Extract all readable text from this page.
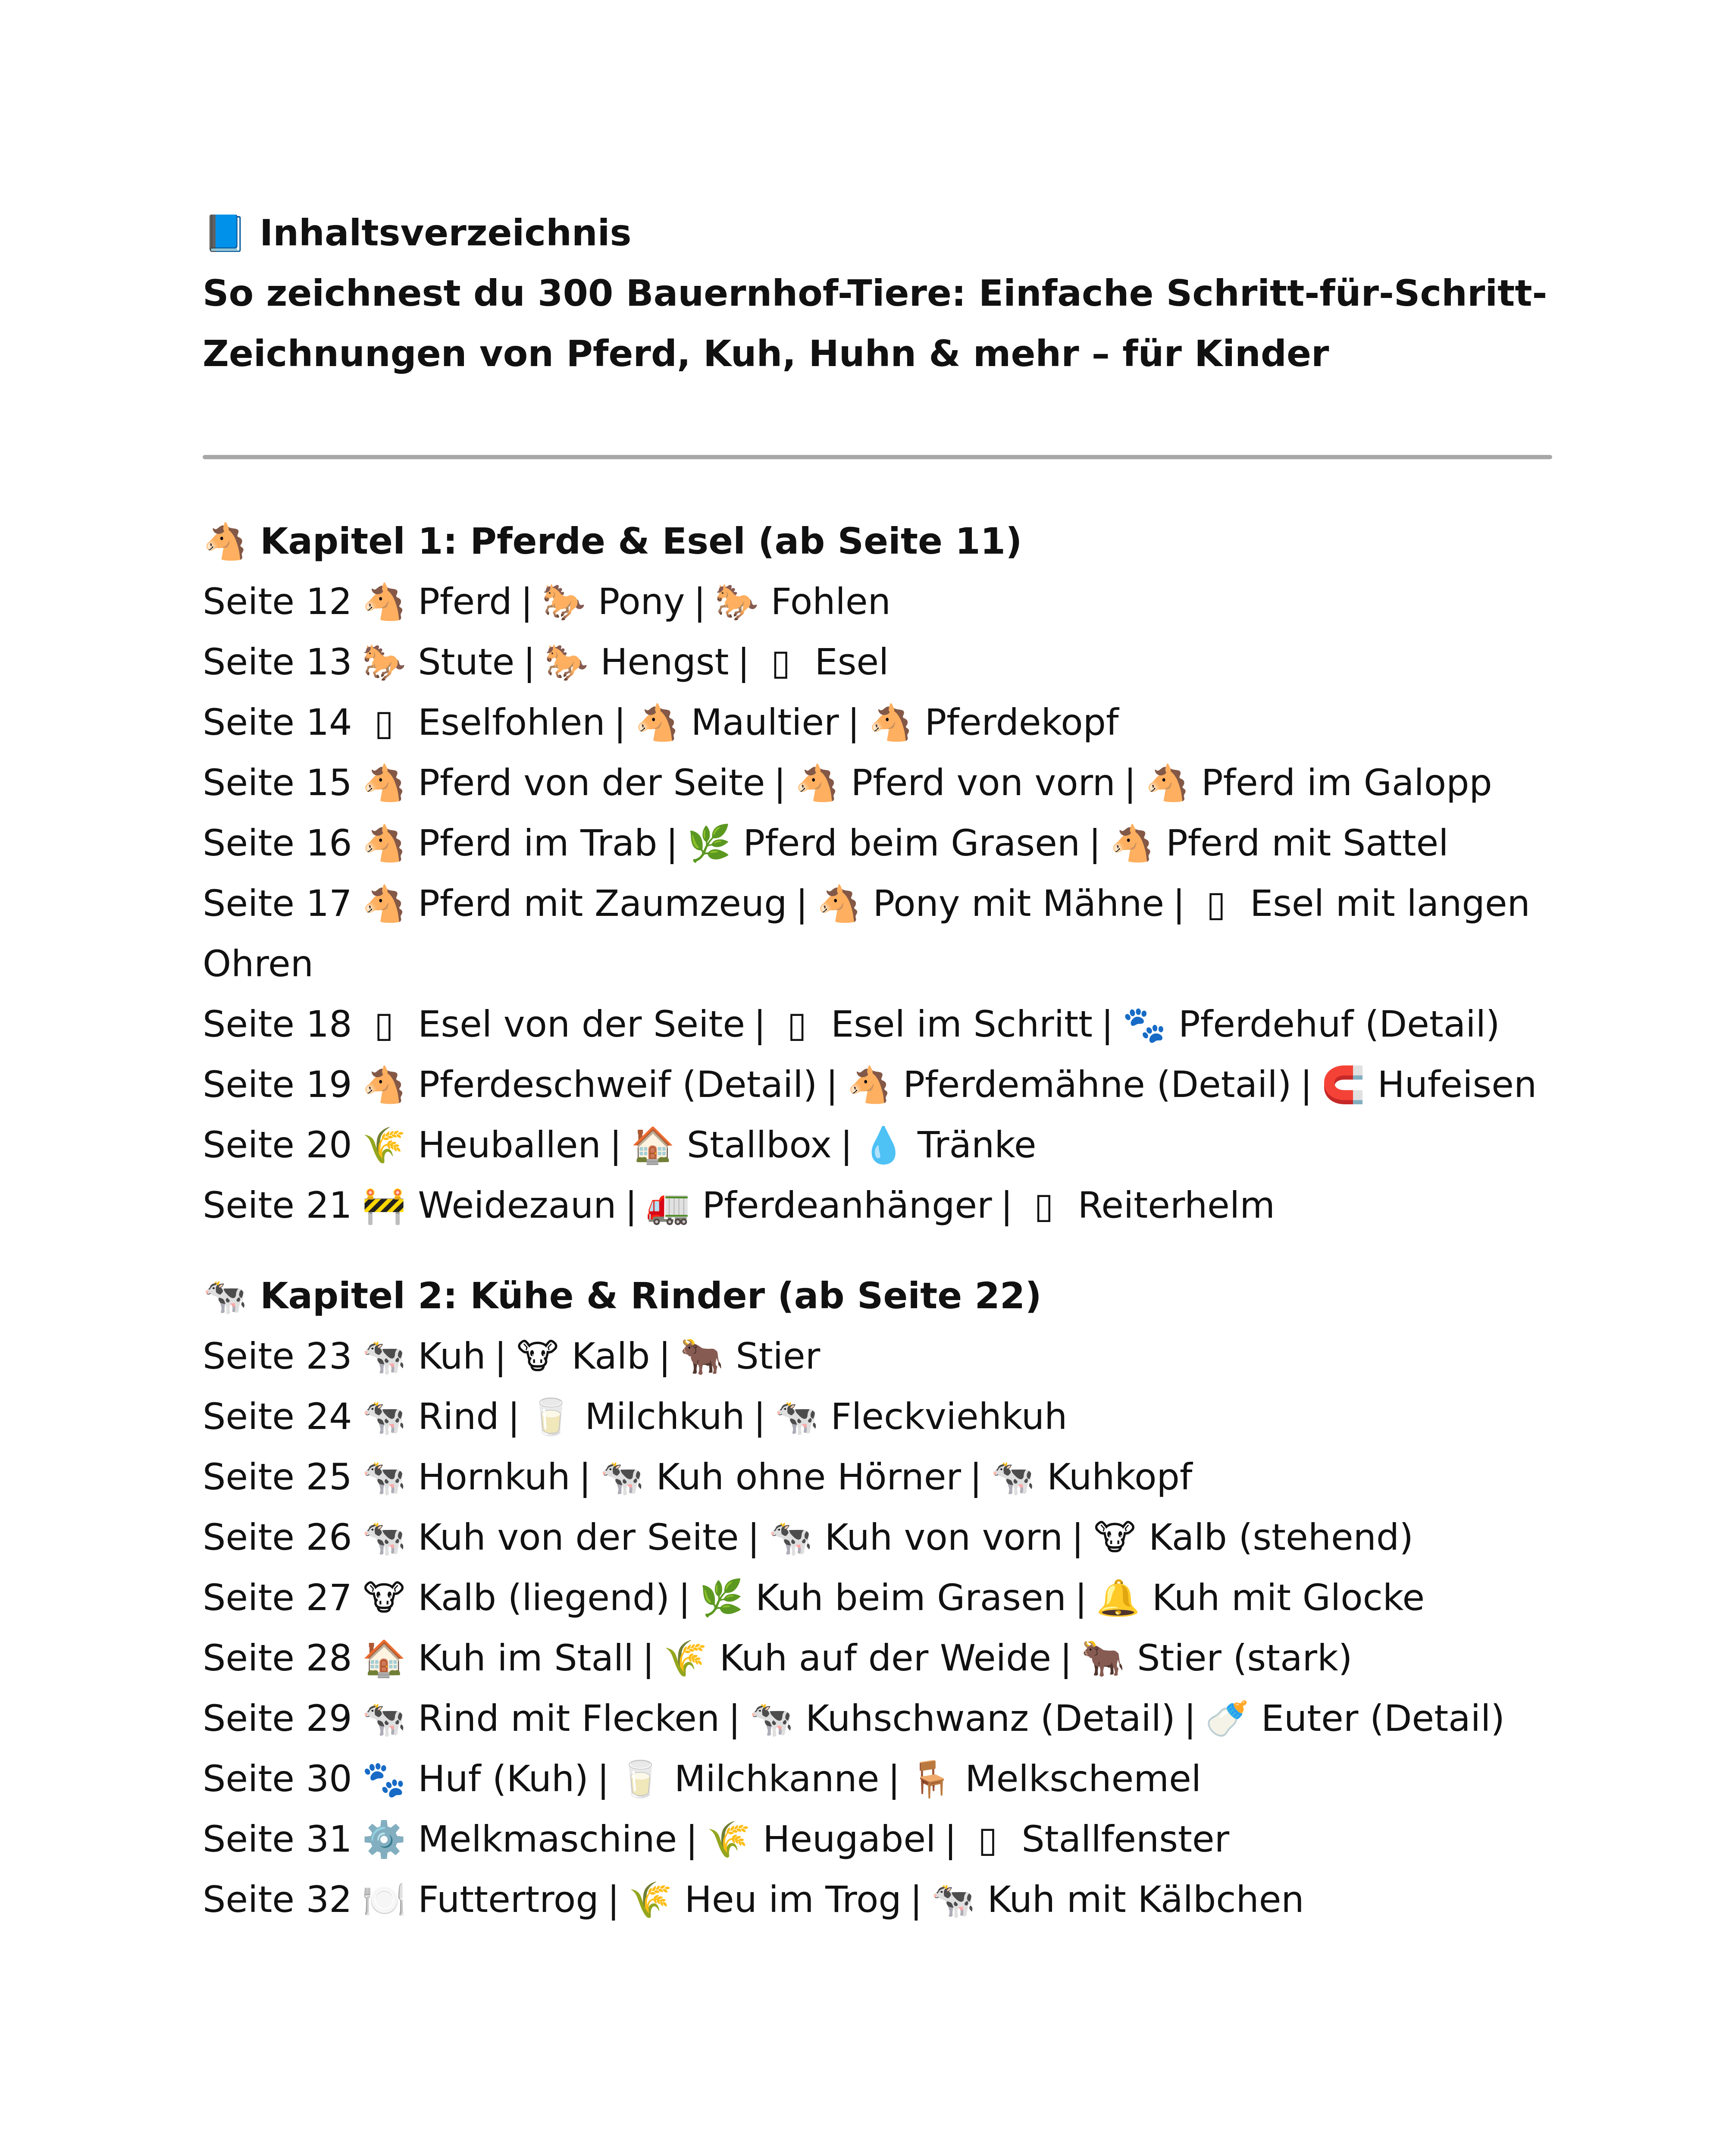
📘 Inhaltsverzeichnis
So zeichnest du 300 Bauernhof-Tiere: Einfache Schritt-für-Schritt-
Zeichnungen von Pferd, Kuh, Huhn & mehr – für Kinder
🐴 Kapitel 1: Pferde & Esel (ab Seite 11)
Seite 12 🐴 Pferd | 🐎 Pony | 🐎 Fohlen
Seite 13 🐎 Stute | 🐎 Hengst | ▯ Esel
Seite 14 ▯ Eselfohlen | 🐴 Maultier | 🐴 Pferdekopf
Seite 15 🐴 Pferd von der Seite | 🐴 Pferd von vorn | 🐴 Pferd im Galopp
Seite 16 🐴 Pferd im Trab | 🌿 Pferd beim Grasen | 🐴 Pferd mit Sattel
Seite 17 🐴 Pferd mit Zaumzeug | 🐴 Pony mit Mähne | ▯ Esel mit langen Ohren
Seite 18 ▯ Esel von der Seite | ▯ Esel im Schritt | 🐾 Pferdehuf (Detail)
Seite 19 🐴 Pferdeschweif (Detail) | 🐴 Pferdemähne (Detail) | 🧲 Hufeisen
Seite 20 🌾 Heuballen | 🏠 Stallbox | 💧 Tränke
Seite 21 🚧 Weidezaun | 🚛 Pferdeanhänger | ▯ Reiterhelm
🐄 Kapitel 2: Kühe & Rinder (ab Seite 22)
Seite 23 🐄 Kuh | 🐮 Kalb | 🐂 Stier
Seite 24 🐄 Rind | 🥛 Milchkuh | 🐄 Fleckviehkuh
Seite 25 🐄 Hornkuh | 🐄 Kuh ohne Hörner | 🐄 Kuhkopf
Seite 26 🐄 Kuh von der Seite | 🐄 Kuh von vorn | 🐮 Kalb (stehend)
Seite 27 🐮 Kalb (liegend) | 🌿 Kuh beim Grasen | 🔔 Kuh mit Glocke
Seite 28 🏠 Kuh im Stall | 🌾 Kuh auf der Weide | 🐂 Stier (stark)
Seite 29 🐄 Rind mit Flecken | 🐄 Kuhschwanz (Detail) | 🍼 Euter (Detail)
Seite 30 🐾 Huf (Kuh) | 🥛 Milchkanne | 🪑 Melkschemel
Seite 31 ⚙️ Melkmaschine | 🌾 Heugabel | ▯ Stallfenster
Seite 32 🍽️ Futtertrog | 🌾 Heu im Trog | 🐄 Kuh mit Kälbchen
